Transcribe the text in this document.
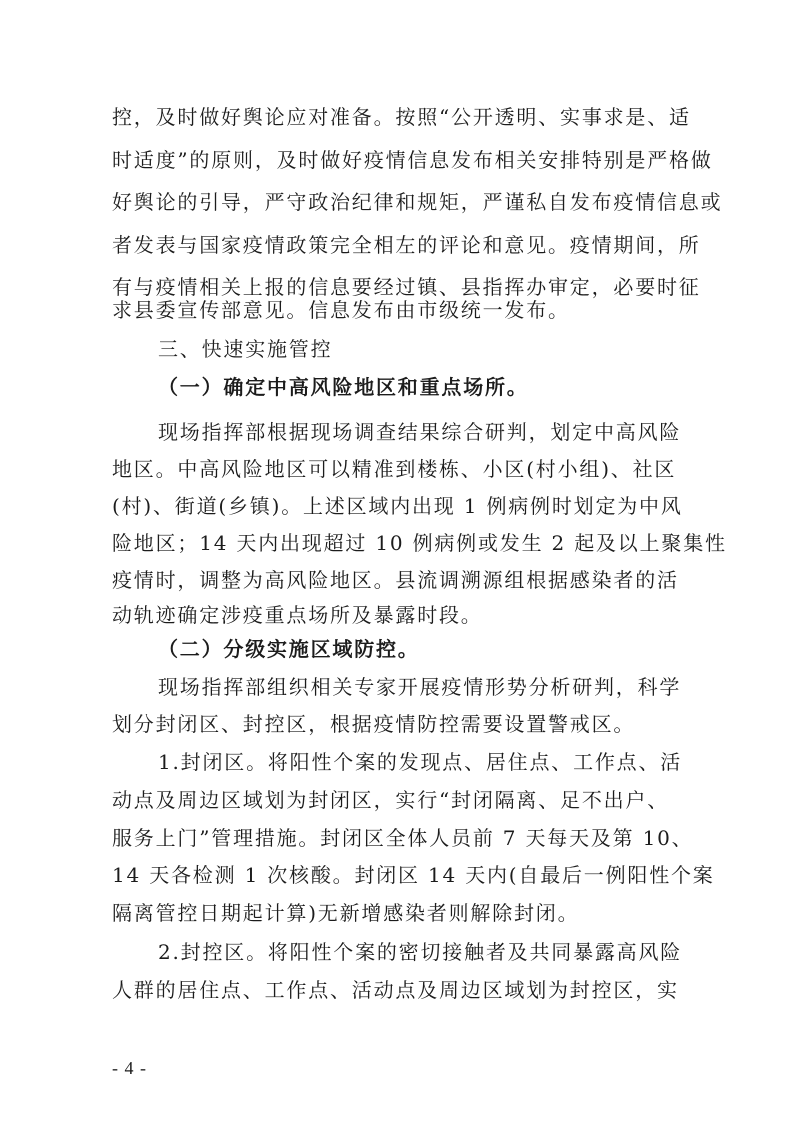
控，及时做好舆论应对准备。按照“公开透明、实事求是、适
时适度”的原则，及时做好疫情信息发布相关安排特别是严格做
好舆论的引导，严守政治纪律和规矩，严谨私自发布疫情信息或
者发表与国家疫情政策完全相左的评论和意见。疫情期间，所
有与疫情相关上报的信息要经过镇、县指挥办审定，必要时征
求县委宣传部意见。信息发布由市级统一发布。
三、快速实施管控
（一）确定中高风险地区和重点场所。
现场指挥部根据现场调查结果综合研判，划定中高风险
地区。中高风险地区可以精准到楼栋、小区(村小组)、社区
(村)、街道(乡镇)。上述区域内出现 1 例病例时划定为中风
险地区；14 天内出现超过 10 例病例或发生 2 起及以上聚集性
疫情时，调整为高风险地区。县流调溯源组根据感染者的活
动轨迹确定涉疫重点场所及暴露时段。
（二）分级实施区域防控。
现场指挥部组织相关专家开展疫情形势分析研判，科学
划分封闭区、封控区，根据疫情防控需要设置警戒区。
1.封闭区。将阳性个案的发现点、居住点、工作点、活
动点及周边区域划为封闭区，实行“封闭隔离、足不出户、
服务上门”管理措施。封闭区全体人员前 7 天每天及第 10、
14 天各检测 1 次核酸。封闭区 14 天内(自最后一例阳性个案
隔离管控日期起计算)无新增感染者则解除封闭。
2.封控区。将阳性个案的密切接触者及共同暴露高风险
人群的居住点、工作点、活动点及周边区域划为封控区，实
- 4 -
